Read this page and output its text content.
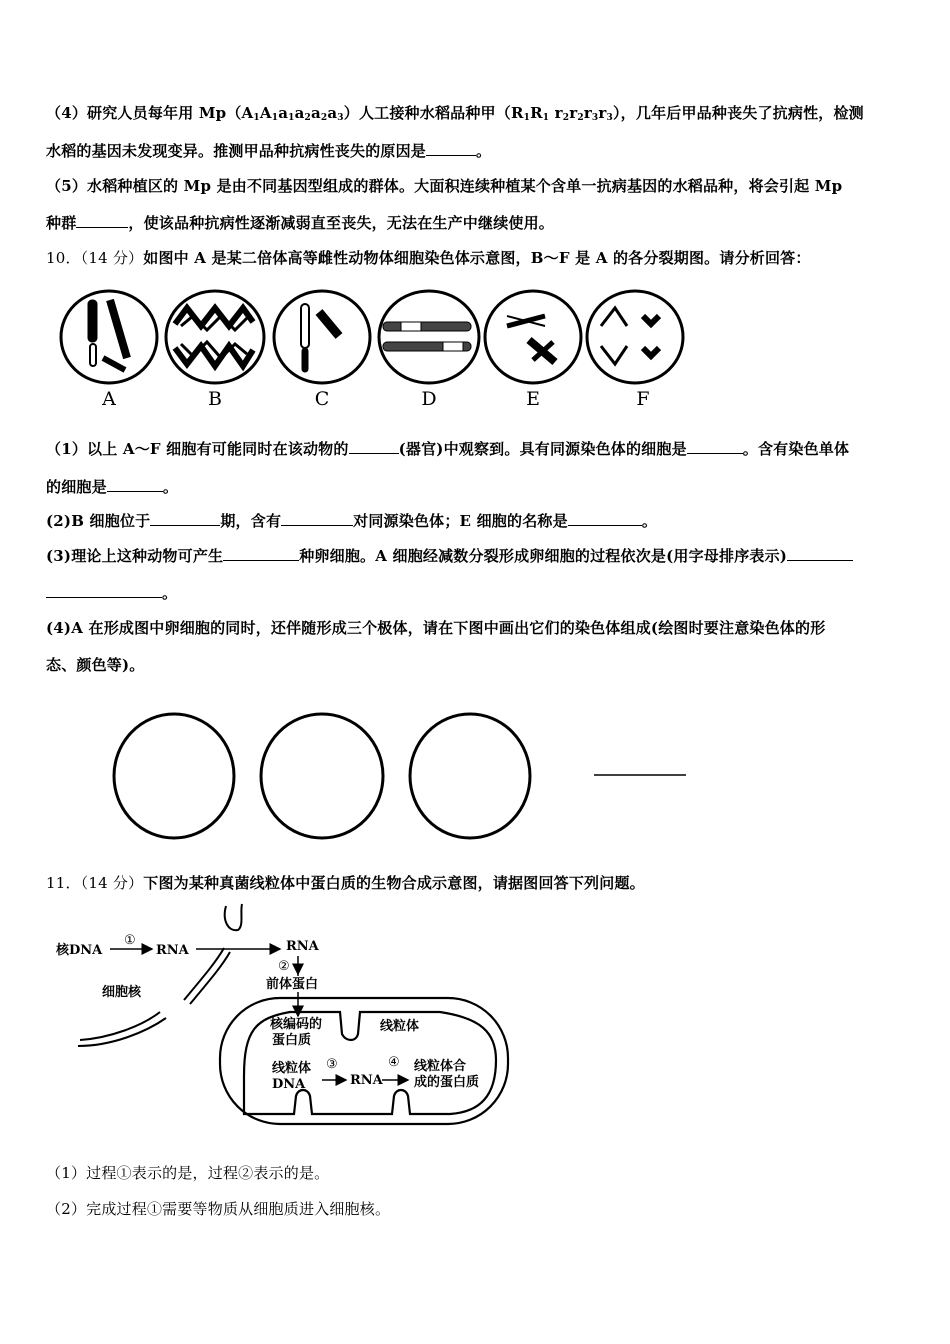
（4）研究人员每年用 $Mp(A_1A_1a_1a_2a_2a_3)$人工接种水稻品种甲（$R_1R_1$ $r_2r_2r_3r_3$），几年后甲品种丧失了抗病性，检测
水稻的基因未发现变异。推测甲品种抗病性丧失的原因是	。
（5）水稻种植区的 Mp 是由不同基因型组成的群体。大面积连续种植某个含单一抗病基因的水稻品种，将会引起 Mp
种群	，使该品种抗病性逐渐减弱直至丧失，无法在生产中继续使用。
10．（14 分）如图中 A 是某二倍体高等雌性动物体细胞染色体示意图，B～F 是 A 的各分裂期图。请分析回答：
A	B	C	D	E	F
（1）以上 A～F 细胞有可能同时在该动物的	(器官)中观察到。具有同源染色体的细胞是	。含有染色单体
的细胞是	。
(2)B 细胞位于	期，含有	对同源染色体；E 细胞的名称是	。
(3)理论上这种动物可产生	种卵细胞。A 细胞经减数分裂形成卵细胞的过程依次是(用字母排序表示)
。
(4)A 在形成图中卵细胞的同时，还伴随形成三个极体，请在下图中画出它们的染色体组成(绘图时要注意染色体的形
态、颜色等)。
11．（14 分）下图为某种真菌线粒体中蛋白质的生物合成示意图，请据图回答下列问题。
核DNA
①
RNA	RNA
②
前体蛋白
细胞核
核编码的
蛋白质
线粒体
线粒体
DNA
③
RNA
④ 线粒体合
成的蛋白质
（1）过程①表示的是，过程②表示的是。
（2）完成过程①需要等物质从细胞质进入细胞核。
